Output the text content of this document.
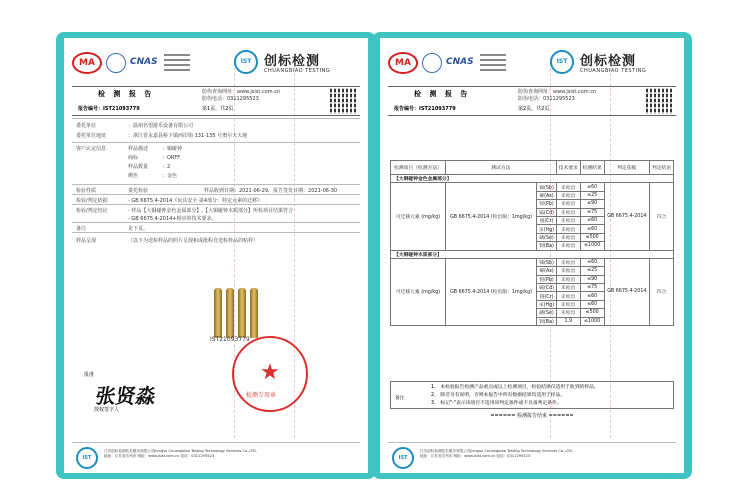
MA	CNAS	IST 创标检测
CHUANGBIAO TESTING
检 测 报 告	防伪查询网址：www.jsist.com.cn
防伪电话：0311295523
报告编号：IST21093779	第1页，共2页
委托单位	：温州名望游乐设备有限公司
委托单位地址	：浙江省永嘉县桥下镇西岸街 131-135 号奥尔夫天地
客户认定信息	样品描述	：铜碰钟
商标	：ORFF
样品数量	：2
颜色	：金色
检验性质	委托检验	样品收到日期：2021-06-29，报告签发日期：2021-06-30
检验/判定依据	- GB 6675.4-2014《玩具安全 第4部分：特定元素的迁移》
检验/判定结论	- 样品【大铜碰钟金色金属部分】,【大铜碰钟木质部分】所检项目结果符合
- GB 6675.4-2014+相应的技术要求。
备注	见下页。
样品呈现	（以下为送检样品的照片呈现和或批程自送检样品的贴样）
IST21093779
批准
张贤淼
授权签字人
★
检测专用章
IST
江苏创标检测技术服务有限公司Jiangsu Chuangbiao Testing Technology Services Co.,LTD.
地址：江苏省苏州市 网址：www.jsist.com.cn 电话：0311295523
MA	CNAS	IST 创标检测
CHUANGBIAO TESTING
检 测 报 告	防伪查询网址：www.jsist.com.cn
防伪电话：0311295523
报告编号：IST21093779	第2页，共2页
检测项目（检测方法）	测试方法		技术要求	检测结果	判定依据	判定结论
【大铜碰钟金色金属部分】						
可迁移元素 (mg/kg)	GB 6675.4-2014 (检出限：1mg/kg)	锑(Sb)	未检出	≤60	GB 6675.4-2014	符合
		砷(As)	未检出	≤25		
		钡(Pb)	未检出	≤90		
		镉(Cd)	未检出	≤75		
		铬(Cr)	未检出	≤60		
		汞(Hg)	未检出	≤60		
		硒(Se)	未检出	≤500		
		钡(Ba)	未检出	≤1000		
【大铜碰钟木质部分】						
可迁移元素 (mg/kg)	GB 6675.4-2014 (检出限：1mg/kg)	锑(Sb)	未检出	≤60	GB 6675.4-2014	符合
		砷(As)	未检出	≤25		
		钡(Pb)	未检出	≤90		
		镉(Cd)	未检出	≤75		
		铬(Cr)	未检出	≤60		
		汞(Hg)	未检出	≤60		
		硒(Se)	未检出	≤500		
		钡(Ba)	1.9	≤1000		
备注
1、 本检验报告检测产品重点或以上检测项目，检验结果仅适用于收到的样品。
2、 除非另有说明，否则本报告中所有数据结果均适用于样品。
3、 标记"-"表示该项目不适用该判定条件或不具备判定条件。
====== 检测报告结束 ======
IST
江苏创标检测技术服务有限公司Jiangsu Chuangbiao Testing Technology Services Co.,LTD.
地址：江苏省苏州市 网址：www.jsist.com.cn 电话：0311295523
